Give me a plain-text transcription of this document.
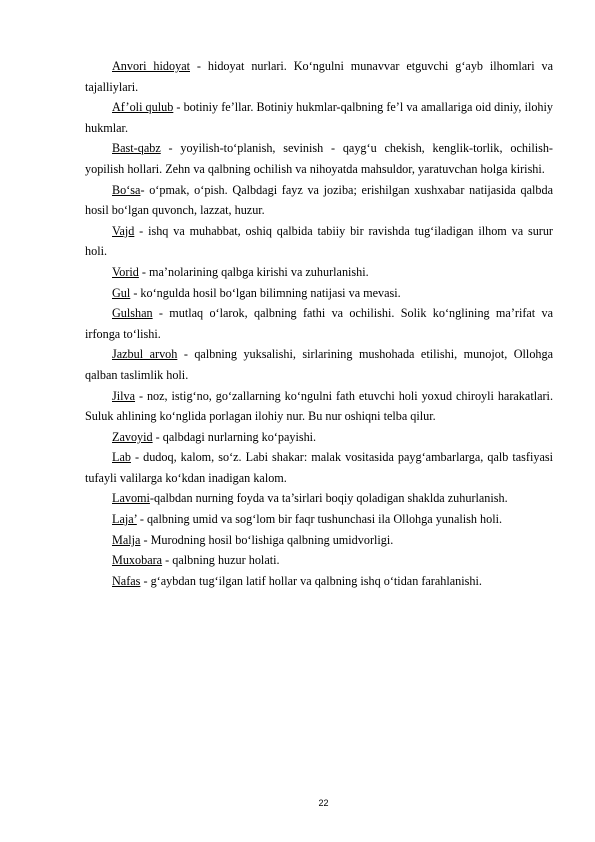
Anvori hidoyat - hidoyat nurlari. Ko‘ngulni munavvar etguvchi g‘ayb ilhomlari va tajalliylari.

Af’oli qulub - botiniy fe’llar. Botiniy hukmlar-qalbning fe’l va amallariga oid diniy, ilohiy hukmlar.

Bast-qabz - yoyilish-to‘planish, sevinish - qayg‘u chekish, kenglik-torlik, ochilish-yopilish hollari. Zehn va qalbning ochilish va nihoyatda mahsuldor, yaratuvchan holga kirishi.

Bo‘sa- o‘pmak, o‘pish. Qalbdagi fayz va joziba; erishilgan xushxabar natijasida qalbda hosil bo‘lgan quvonch, lazzat, huzur.

Vajd - ishq va muhabbat, oshiq qalbida tabiiy bir ravishda tug‘iladigan ilhom va surur holi.

Vorid - ma’nolarining qalbga kirishi va zuhurlanishi.

Gul - ko‘ngulda hosil bo‘lgan bilimning natijasi va mevasi.

Gulshan - mutlaq o‘larok, qalbning fathi va ochilishi. Solik ko‘nglining ma’rifat va irfonga to‘lishi.

Jazbul arvoh - qalbning yuksalishi, sirlarining mushohada etilishi, munojot, Ollohga qalban taslimlik holi.

Jilva - noz, istig‘no, go‘zallarning ko‘ngulni fath etuvchi holi yoxud chiroyli harakatlari. Suluk ahlining ko‘nglida porlagan ilohiy nur. Bu nur oshiqni telba qilur.

Zavoyid - qalbdagi nurlarning ko‘payishi.

Lab - dudoq, kalom, so‘z. Labi shakar: malak vositasida payg‘ambarlarga, qalb tasfiyasi tufayli valilarga ko‘kdan inadigan kalom.

Lavomi-qalbdan nurning foyda va ta’sirlari boqiy qoladigan shaklda zuhurlanish.

Laja’ - qalbning umid va sog‘lom bir faqr tushunchasi ila Ollohga yunalish holi.

Malja - Murodning hosil bo‘lishiga qalbning umidvorligi.

Muxobara - qalbning huzur holati.

Nafas - g‘aybdan tug‘ilgan latif hollar va qalbning ishq o‘tidan farahlanishi.

22
